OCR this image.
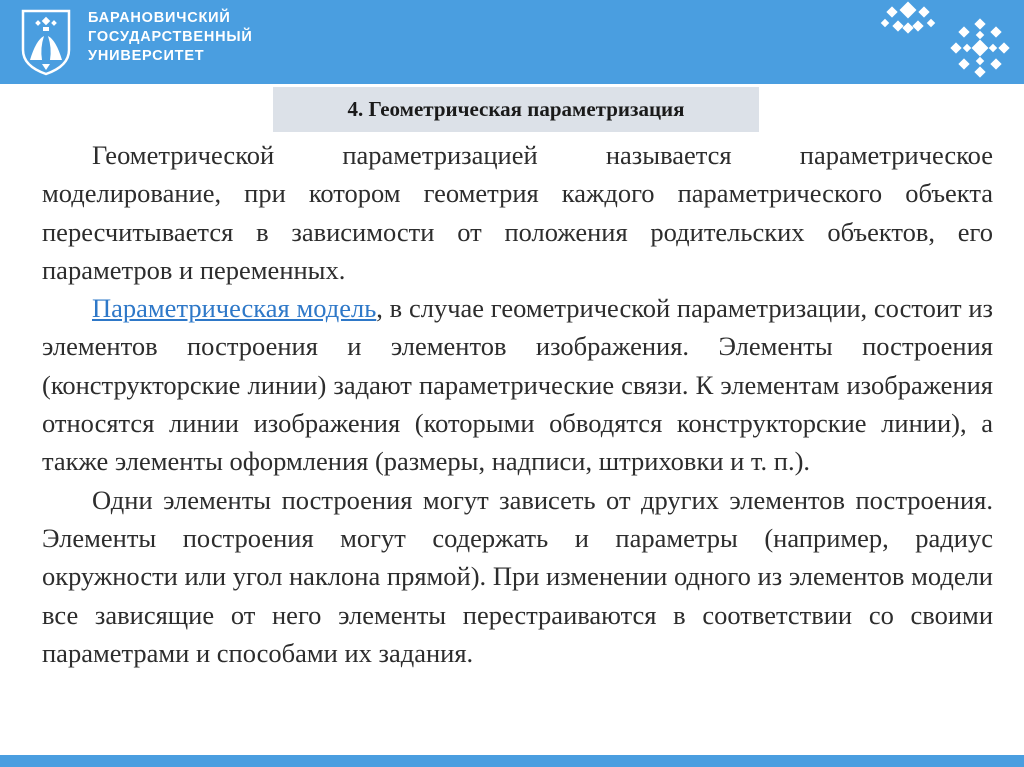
БАРАНОВИЧСКИЙ
ГОСУДАРСТВЕННЫЙ
УНИВЕРСИТЕТ
4. Геометрическая параметризация

Геометрической параметризацией называется параметрическое моделирование, при котором геометрия каждого параметрического объекта пересчитывается в зависимости от положения родительских объектов, его параметров и переменных.

Параметрическая модель, в случае геометрической параметризации, состоит из элементов построения и элементов изображения. Элементы построения (конструкторские линии) задают параметрические связи. К элементам изображения относятся линии изображения (которыми обводятся конструкторские линии), а также элементы оформления (размеры, надписи, штриховки и т. п.).

Одни элементы построения могут зависеть от других элементов построения. Элементы построения могут содержать и параметры (например, радиус окружности или угол наклона прямой). При изменении одного из элементов модели все зависящие от него элементы перестраиваются в соответствии со своими параметрами и способами их задания.
